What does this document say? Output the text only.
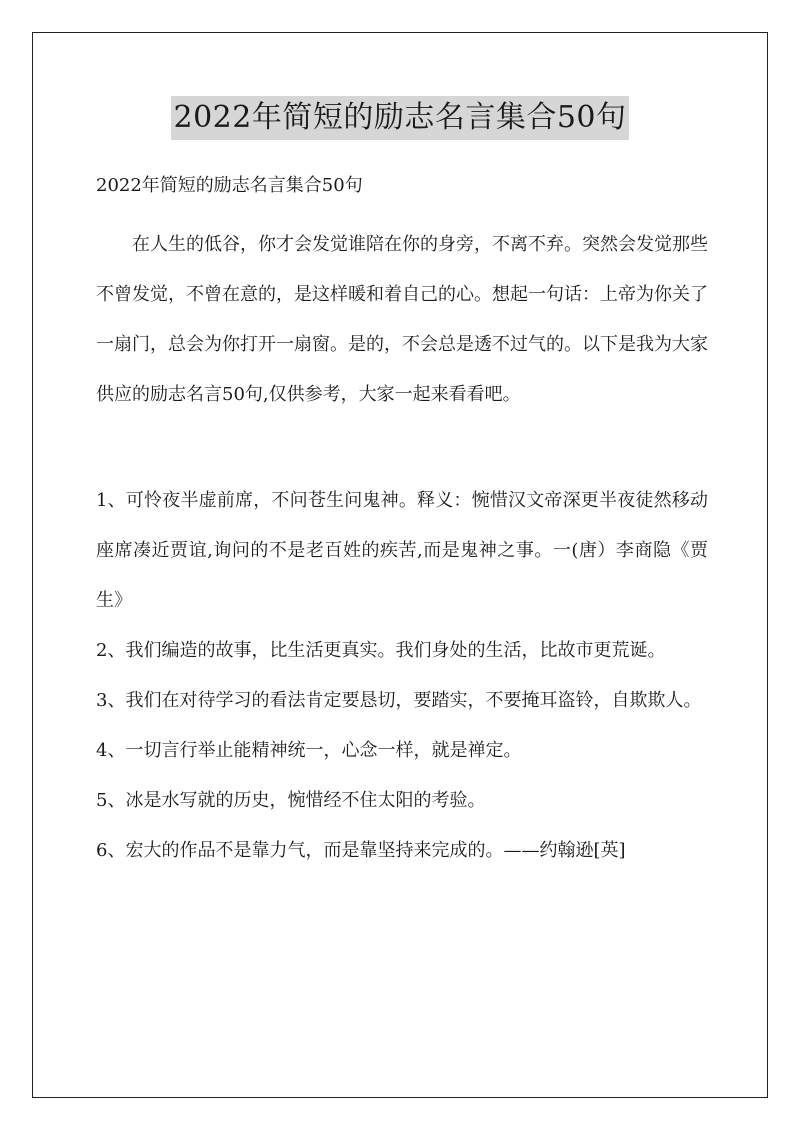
2022年简短的励志名言集合50句

2022年简短的励志名言集合50句

在人生的低谷，你才会发觉谁陪在你的身旁，不离不弃。突然会发觉那些不曾发觉，不曾在意的，是这样暖和着自己的心。想起一句话：上帝为你关了一扇门，总会为你打开一扇窗。是的，不会总是透不过气的。以下是我为大家供应的励志名言50句,仅供参考，大家一起来看看吧。

1、可怜夜半虚前席，不问苍生问鬼神。释义：惋惜汉文帝深更半夜徒然移动座席凑近贾谊,询问的不是老百姓的疾苦,而是鬼神之事。一(唐）李商隐《贾生》

2、我们编造的故事，比生活更真实。我们身处的生活，比故市更荒诞。

3、我们在对待学习的看法肯定要恳切，要踏实，不要掩耳盗铃，自欺欺人。

4、一切言行举止能精神统一，心念一样，就是禅定。

5、冰是水写就的历史，惋惜经不住太阳的考验。

6、宏大的作品不是靠力气，而是靠坚持来完成的。——约翰逊[英]
